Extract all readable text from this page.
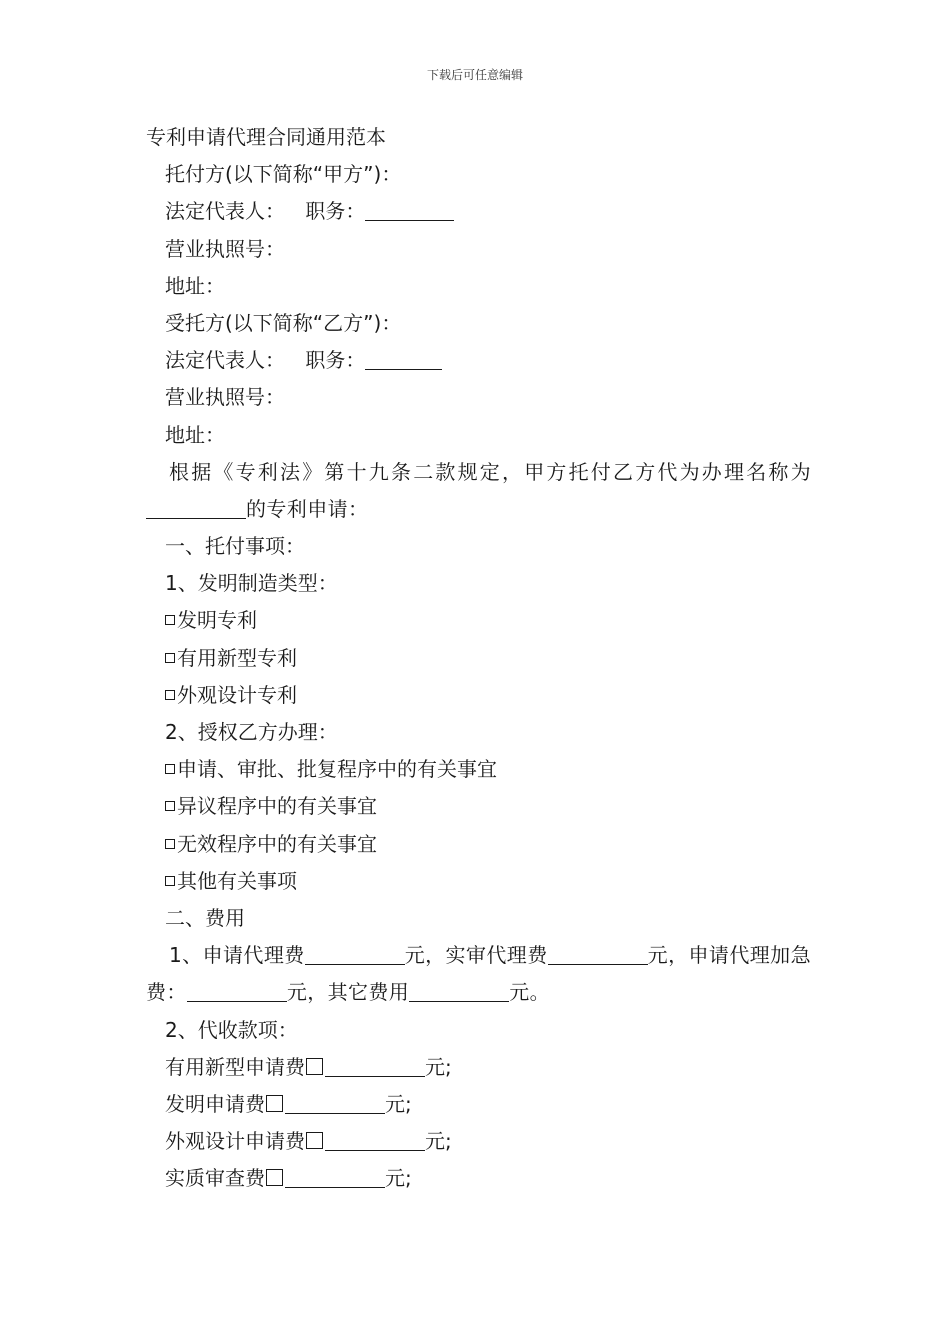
下载后可任意编辑
专利申请代理合同通用范本
托付方(以下简称“甲方”)：
法定代表人： 职务：
营业执照号：
地址：
受托方(以下简称“乙方”)：
法定代表人： 职务：
营业执照号：
地址：
根据《专利法》第十九条二款规定，甲方托付乙方代为办理名称为的专利申请：
一、托付事项：
1、发明制造类型：
发明专利
有用新型专利
外观设计专利
2、授权乙方办理：
申请、审批、批复程序中的有关事宜
异议程序中的有关事宜
无效程序中的有关事宜
其他有关事项
二、费用
1、申请代理费	元，实审代理费	元，申请代理加急费：	元，其它费用	元。
2、代收款项：
有用新型申请费	元;
发明申请费	元;
外观设计申请费	元;
实质审查费	元;
